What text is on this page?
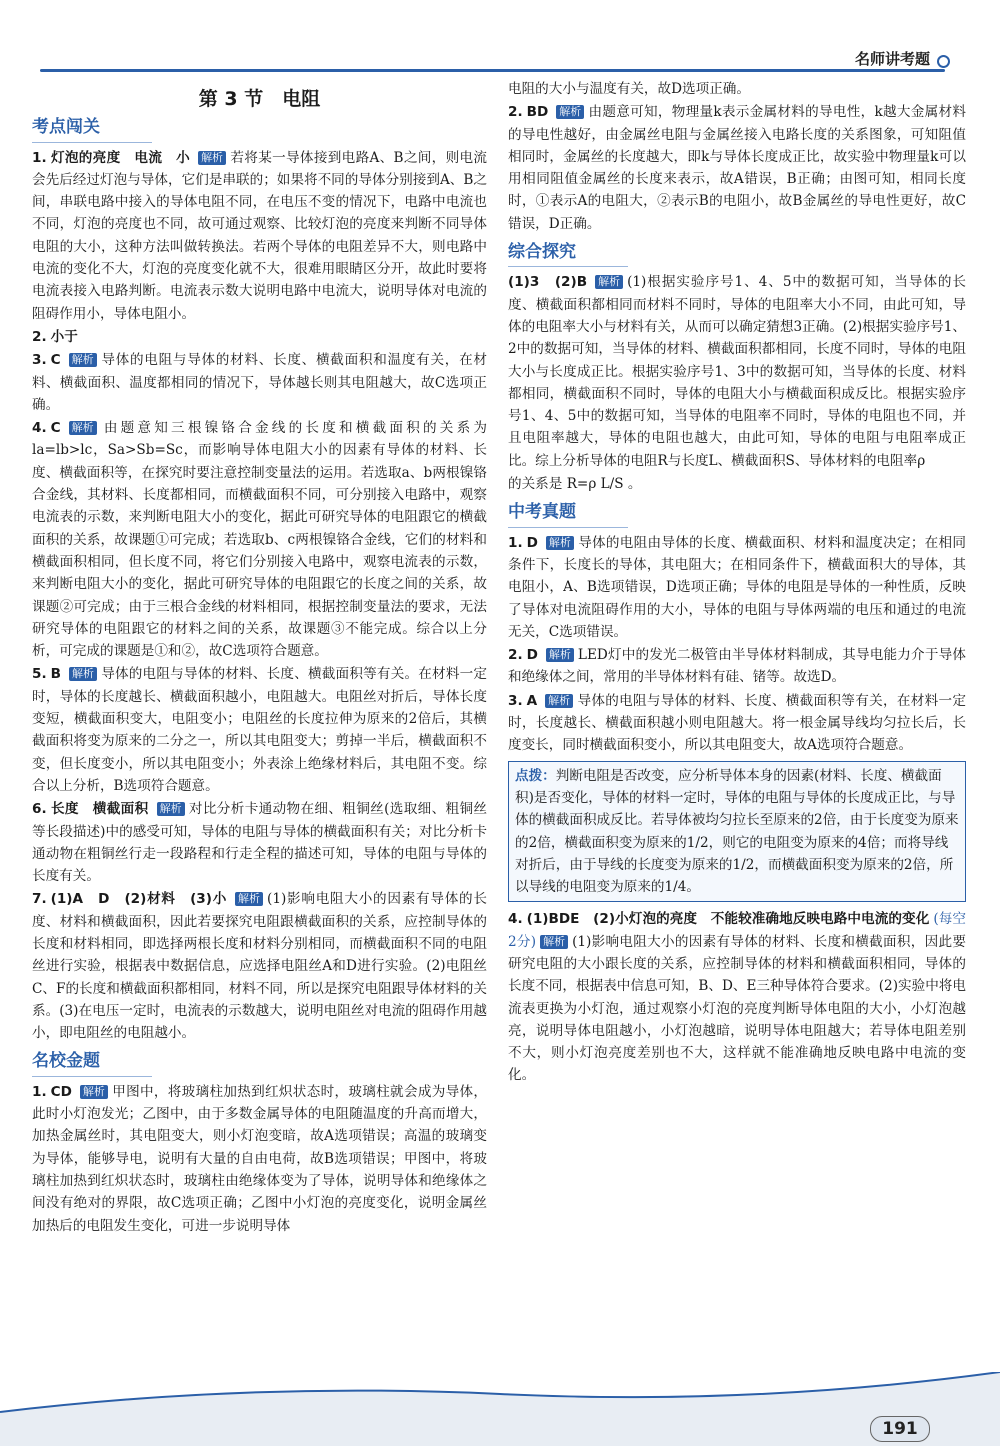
名师讲考题
第 3 节　电阻
考点闯关
1. 灯泡的亮度　电流　小 解析 若将某一导体接到电路A、B之间，则电流会先后经过灯泡与导体，它们是串联的；如果将不同的导体分别接到A、B之间，串联电路中接入的导体电阻不同，在电压不变的情况下，电路中电流也不同，灯泡的亮度也不同，故可通过观察、比较灯泡的亮度来判断不同导体电阻的大小，这种方法叫做转换法。若两个导体的电阻差异不大，则电路中电流的变化不大，灯泡的亮度变化就不大，很难用眼睛区分开，故此时要将电流表接入电路判断。电流表示数大说明电路中电流大，说明导体对电流的阻碍作用小，导体电阻小。
2. 小于
3. C 解析 导体的电阻与导体的材料、长度、横截面积和温度有关，在材料、横截面积、温度都相同的情况下，导体越长则其电阻越大，故C选项正确。
4. C 解析 由题意知三根镍铬合金线的长度和横截面积的关系为la=lb>lc，Sa>Sb=Sc，而影响导体电阻大小的因素有导体的材料、长度、横截面积等，在探究时要注意控制变量法的运用。若选取a、b两根镍铬合金线，其材料、长度都相同，而横截面积不同，可分别接入电路中，观察电流表的示数，来判断电阻大小的变化，据此可研究导体的电阻跟它的横截面积的关系，故课题①可完成；若选取b、c两根镍铬合金线，它们的材料和横截面积相同，但长度不同，将它们分别接入电路中，观察电流表的示数，来判断电阻大小的变化，据此可研究导体的电阻跟它的长度之间的关系，故课题②可完成；由于三根合金线的材料相同，根据控制变量法的要求，无法研究导体的电阻跟它的材料之间的关系，故课题③不能完成。综合以上分析，可完成的课题是①和②，故C选项符合题意。
5. B 解析 导体的电阻与导体的材料、长度、横截面积等有关。在材料一定时，导体的长度越长、横截面积越小，电阻越大。电阻丝对折后，导体长度变短，横截面积变大，电阻变小；电阻丝的长度拉伸为原来的2倍后，其横截面积将变为原来的二分之一，所以其电阻变大；剪掉一半后，横截面积不变，但长度变小，所以其电阻变小；外表涂上绝缘材料后，其电阻不变。综合以上分析，B选项符合题意。
6. 长度　横截面积 解析 对比分析卡通动物在细、粗铜丝(选取细、粗铜丝等长段描述)中的感受可知，导体的电阻与导体的横截面积有关；对比分析卡通动物在粗铜丝行走一段路程和行走全程的描述可知，导体的电阻与导体的长度有关。
7. (1)A　D　(2)材料　(3)小 解析 (1)影响电阻大小的因素有导体的长度、材料和横截面积，因此若要探究电阻跟横截面积的关系，应控制导体的长度和材料相同，即选择两根长度和材料分别相同，而横截面积不同的电阻丝进行实验，根据表中数据信息，应选择电阻丝A和D进行实验。(2)电阻丝C、F的长度和横截面积都相同，材料不同，所以是探究电阻跟导体材料的关系。(3)在电压一定时，电流表的示数越大，说明电阻丝对电流的阻碍作用越小，即电阻丝的电阻越小。
名校金题
1. CD 解析 甲图中，将玻璃柱加热到红炽状态时，玻璃柱就会成为导体，此时小灯泡发光；乙图中，由于多数金属导体的电阻随温度的升高而增大，加热金属丝时，其电阻变大，则小灯泡变暗，故A选项错误；高温的玻璃变为导体，能够导电，说明有大量的自由电荷，故B选项错误；甲图中，将玻璃柱加热到红炽状态时，玻璃柱由绝缘体变为了导体，说明导体和绝缘体之间没有绝对的界限，故C选项正确；乙图中小灯泡的亮度变化，说明金属丝加热后的电阻发生变化，可进一步说明导体
电阻的大小与温度有关，故D选项正确。
2. BD 解析 由题意可知，物理量k表示金属材料的导电性，k越大金属材料的导电性越好，由金属丝电阻与金属丝接入电路长度的关系图象，可知阻值相同时，金属丝的长度越大，即k与导体长度成正比，故实验中物理量k可以用相同阻值金属丝的长度来表示，故A错误，B正确；由图可知，相同长度时，①表示A的电阻大，②表示B的电阻小，故B金属丝的导电性更好，故C错误，D正确。
综合探究
(1)3　(2)B 解析 (1)根据实验序号1、4、5中的数据可知，当导体的长度、横截面积都相同而材料不同时，导体的电阻率大小不同，由此可知，导体的电阻率大小与材料有关，从而可以确定猜想3正确。(2)根据实验序号1、2中的数据可知，当导体的材料、横截面积都相同，长度不同时，导体的电阻大小与长度成正比。根据实验序号1、3中的数据可知，当导体的长度、材料都相同，横截面积不同时，导体的电阻大小与横截面积成反比。根据实验序号1、4、5中的数据可知，当导体的电阻率不同时，导体的电阻也不同，并且电阻率越大，导体的电阻也越大，由此可知，导体的电阻与电阻率成正比。综上分析导体的电阻R与长度L、横截面积S、导体材料的电阻率ρ
的关系是 R=ρ L/S 。
中考真题
1. D 解析 导体的电阻由导体的长度、横截面积、材料和温度决定；在相同条件下，长度长的导体，其电阻大；在相同条件下，横截面积大的导体，其电阻小，A、B选项错误，D选项正确；导体的电阻是导体的一种性质，反映了导体对电流阻碍作用的大小，导体的电阻与导体两端的电压和通过的电流无关，C选项错误。
2. D 解析 LED灯中的发光二极管由半导体材料制成，其导电能力介于导体和绝缘体之间，常用的半导体材料有硅、锗等。故选D。
3. A 解析 导体的电阻与导体的材料、长度、横截面积等有关，在材料一定时，长度越长、横截面积越小则电阻越大。将一根金属导线均匀拉长后，长度变长，同时横截面积变小，所以其电阻变大，故A选项符合题意。
点拨：判断电阻是否改变，应分析导体本身的因素(材料、长度、横截面积)是否变化，导体的材料一定时，导体的电阻与导体的长度成正比，与导体的横截面积成反比。若导体被均匀拉长至原来的2倍，由于长度变为原来的2倍，横截面积变为原来的1/2，则它的电阻变为原来的4倍；而将导线对折后，由于导线的长度变为原来的1/2，而横截面积变为原来的2倍，所以导线的电阻变为原来的1/4。
4. (1)BDE　(2)小灯泡的亮度　不能较准确地反映电路中电流的变化 (每空2分) 解析 (1)影响电阻大小的因素有导体的材料、长度和横截面积，因此要研究电阻的大小跟长度的关系，应控制导体的材料和横截面积相同，导体的长度不同，根据表中信息可知，B、D、E三种导体符合要求。(2)实验中将电流表更换为小灯泡，通过观察小灯泡的亮度判断导体电阻的大小，小灯泡越亮，说明导体电阻越小，小灯泡越暗，说明导体电阻越大；若导体电阻差别不大，则小灯泡亮度差别也不大，这样就不能准确地反映电路中电流的变化。
191
